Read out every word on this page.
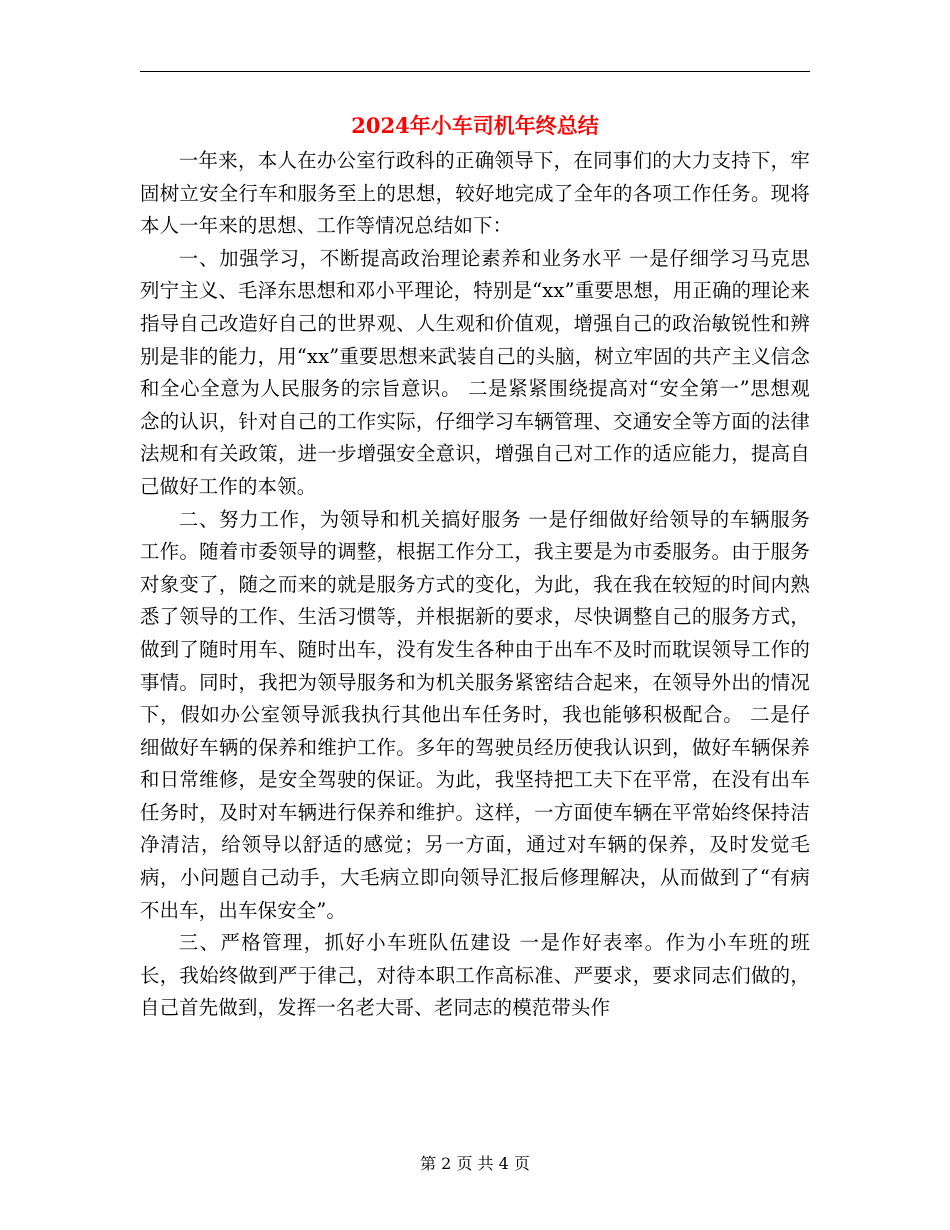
2024年小车司机年终总结

一年来，本人在办公室行政科的正确领导下，在同事们的大力支持下，牢固树立安全行车和服务至上的思想，较好地完成了全年的各项工作任务。现将本人一年来的思想、工作等情况总结如下：

一、加强学习，不断提高政治理论素养和业务水平 一是仔细学习马克思列宁主义、毛泽东思想和邓小平理论，特别是“xx”重要思想，用正确的理论来指导自己改造好自己的世界观、人生观和价值观，增强自己的政治敏锐性和辨别是非的能力，用“xx”重要思想来武装自己的头脑，树立牢固的共产主义信念和全心全意为人民服务的宗旨意识。 二是紧紧围绕提高对“安全第一”思想观念的认识，针对自己的工作实际，仔细学习车辆管理、交通安全等方面的法律法规和有关政策，进一步增强安全意识，增强自己对工作的适应能力，提高自己做好工作的本领。

二、努力工作，为领导和机关搞好服务 一是仔细做好给领导的车辆服务工作。随着市委领导的调整，根据工作分工，我主要是为市委服务。由于服务对象变了，随之而来的就是服务方式的变化，为此，我在我在较短的时间内熟悉了领导的工作、生活习惯等，并根据新的要求，尽快调整自己的服务方式，做到了随时用车、随时出车，没有发生各种由于出车不及时而耽误领导工作的事情。同时，我把为领导服务和为机关服务紧密结合起来，在领导外出的情况下，假如办公室领导派我执行其他出车任务时，我也能够积极配合。 二是仔细做好车辆的保养和维护工作。多年的驾驶员经历使我认识到，做好车辆保养和日常维修，是安全驾驶的保证。为此，我坚持把工夫下在平常，在没有出车任务时，及时对车辆进行保养和维护。这样，一方面使车辆在平常始终保持洁净清洁，给领导以舒适的感觉；另一方面，通过对车辆的保养，及时发觉毛病，小问题自己动手，大毛病立即向领导汇报后修理解决，从而做到了“有病不出车，出车保安全”。

三、严格管理，抓好小车班队伍建设 一是作好表率。作为小车班的班长，我始终做到严于律己，对待本职工作高标准、严要求，要求同志们做的，自己首先做到，发挥一名老大哥、老同志的模范带头作

第 2 页 共 4 页
